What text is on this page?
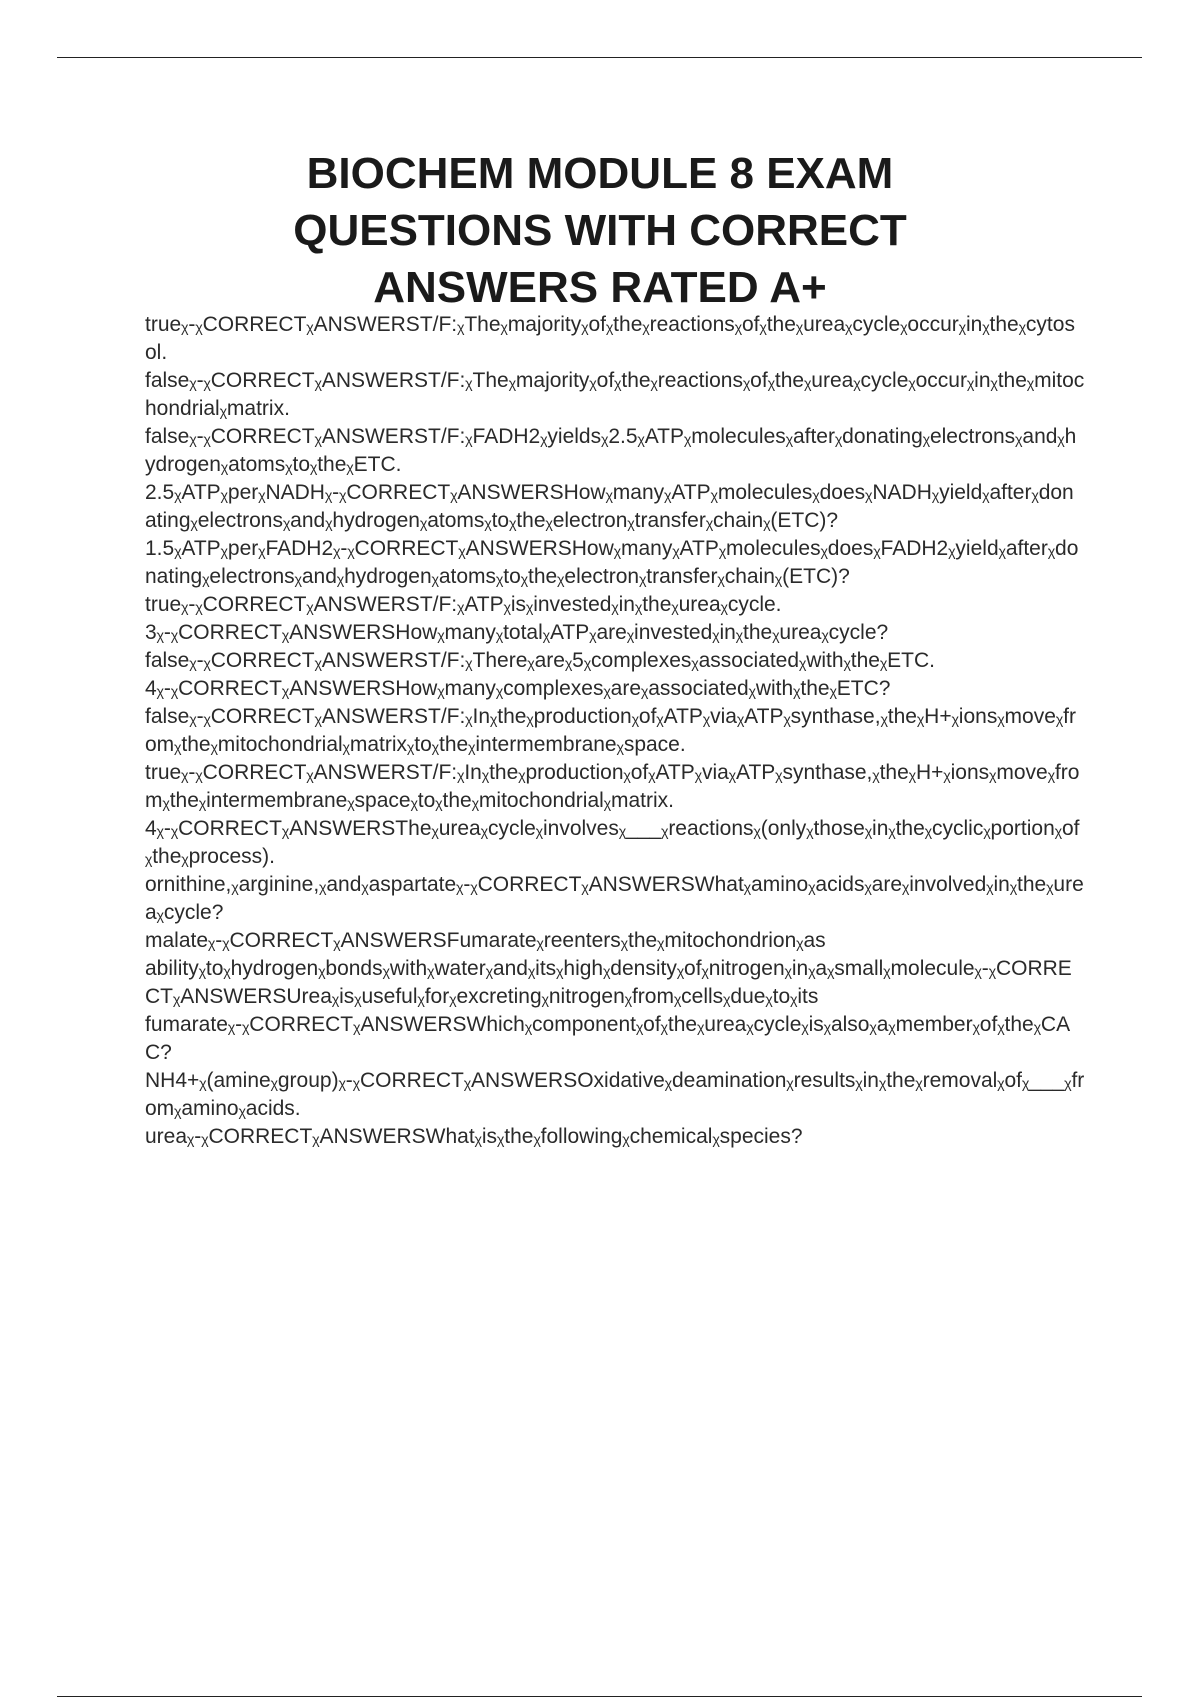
BIOCHEM MODULE 8 EXAM
QUESTIONS WITH CORRECT
ANSWERS RATED A+
trueᵪ-ᵪCORRECTᵪANSWERST/F:ᵪTheᵪmajorityᵪofᵪtheᵪreactionsᵪofᵪtheᵪureaᵪcycleᵪoccurᵪinᵪtheᵪcytosol.
falseᵪ-ᵪCORRECTᵪANSWERST/F:ᵪTheᵪmajorityᵪofᵪtheᵪreactionsᵪofᵪtheᵪureaᵪcycleᵪoccurᵪinᵪtheᵪmitochondrialᵪmatrix.
falseᵪ-ᵪCORRECTᵪANSWERST/F:ᵪFADH2ᵪyieldsᵪ2.5ᵪATPᵪmoleculesᵪafterᵪdonatingᵪelectronsᵪandᵪhydrogenᵪatomsᵪtoᵪtheᵪETC.
2.5ᵪATPᵪperᵪNADHᵪ-ᵪCORRECTᵪANSWERSHowᵪmanyᵪATPᵪmoleculesᵪdoesᵪNADHᵪyieldᵪafterᵪdonatingᵪelectronsᵪandᵪhydrogenᵪatomsᵪtoᵪtheᵪelectronᵪtransferᵪchainᵪ(ETC)?
1.5ᵪATPᵪperᵪFADH2ᵪ-ᵪCORRECTᵪANSWERSHowᵪmanyᵪATPᵪmoleculesᵪdoesᵪFADH2ᵪyieldᵪafterᵪdonatingᵪelectronsᵪandᵪhydrogenᵪatomsᵪtoᵪtheᵪelectronᵪtransferᵪchainᵪ(ETC)?
trueᵪ-ᵪCORRECTᵪANSWERST/F:ᵪATPᵪisᵪinvestedᵪinᵪtheᵪureaᵪcycle.
3ᵪ-ᵪCORRECTᵪANSWERSHowᵪmanyᵪtotalᵪATPᵪareᵪinvestedᵪinᵪtheᵪureaᵪcycle?
falseᵪ-ᵪCORRECTᵪANSWERST/F:ᵪThereᵪareᵪ5ᵪcomplexesᵪassociatedᵪwithᵪtheᵪETC.
4ᵪ-ᵪCORRECTᵪANSWERSHowᵪmanyᵪcomplexesᵪareᵪassociatedᵪwithᵪtheᵪETC?
falseᵪ-ᵪCORRECTᵪANSWERST/F:ᵪInᵪtheᵪproductionᵪofᵪATPᵪviaᵪATPᵪsynthase,ᵪtheᵪH+ᵪionsᵪmoveᵪfromᵪtheᵪmitochondrialᵪmatrixᵪtoᵪtheᵪintermembraneᵪspace.
trueᵪ-ᵪCORRECTᵪANSWERST/F:ᵪInᵪtheᵪproductionᵪofᵪATPᵪviaᵪATPᵪsynthase,ᵪtheᵪH+ᵪionsᵪmoveᵪfromᵪtheᵪintermembraneᵪspaceᵪtoᵪtheᵪmitochondrialᵪmatrix.
4ᵪ-ᵪCORRECTᵪANSWERSTheᵪureaᵪcycleᵪinvolvesᵪ___ᵪreactionsᵪ(onlyᵪthoseᵪinᵪtheᵪcyclicᵪportionᵪofᵪtheᵪprocess).
ornithine,ᵪarginine,ᵪandᵪaspartateᵪ-ᵪCORRECTᵪANSWERSWhatᵪaminoᵪacidsᵪareᵪinvolvedᵪinᵪtheᵪureaᵪcycle?
malateᵪ-ᵪCORRECTᵪANSWERSFumarateᵪreentersᵪtheᵪmitochondrionᵪas
abilityᵪtoᵪhydrogenᵪbondsᵪwithᵪwaterᵪandᵪitsᵪhighᵪdensityᵪofᵪnitrogenᵪinᵪaᵪsmallᵪmoleculeᵪ-ᵪCORRECTᵪANSWERSUreaᵪisᵪusefulᵪforᵪexcretingᵪnitrogenᵪfromᵪcellsᵪdueᵪtoᵪits
fumarateᵪ-ᵪCORRECTᵪANSWERSWhichᵪcomponentᵪofᵪtheᵪureaᵪcycleᵪisᵪalsoᵪaᵪmemberᵪofᵪtheᵪCAC?
NH4+ᵪ(amineᵪgroup)ᵪ-ᵪCORRECTᵪANSWERSOxidativeᵪdeaminationᵪresultsᵪinᵪtheᵪremovalᵪofᵪ___ᵪfromᵪaminoᵪacids.
ureaᵪ-ᵪCORRECTᵪANSWERSWhatᵪisᵪtheᵪfollowingᵪchemicalᵪspecies?
